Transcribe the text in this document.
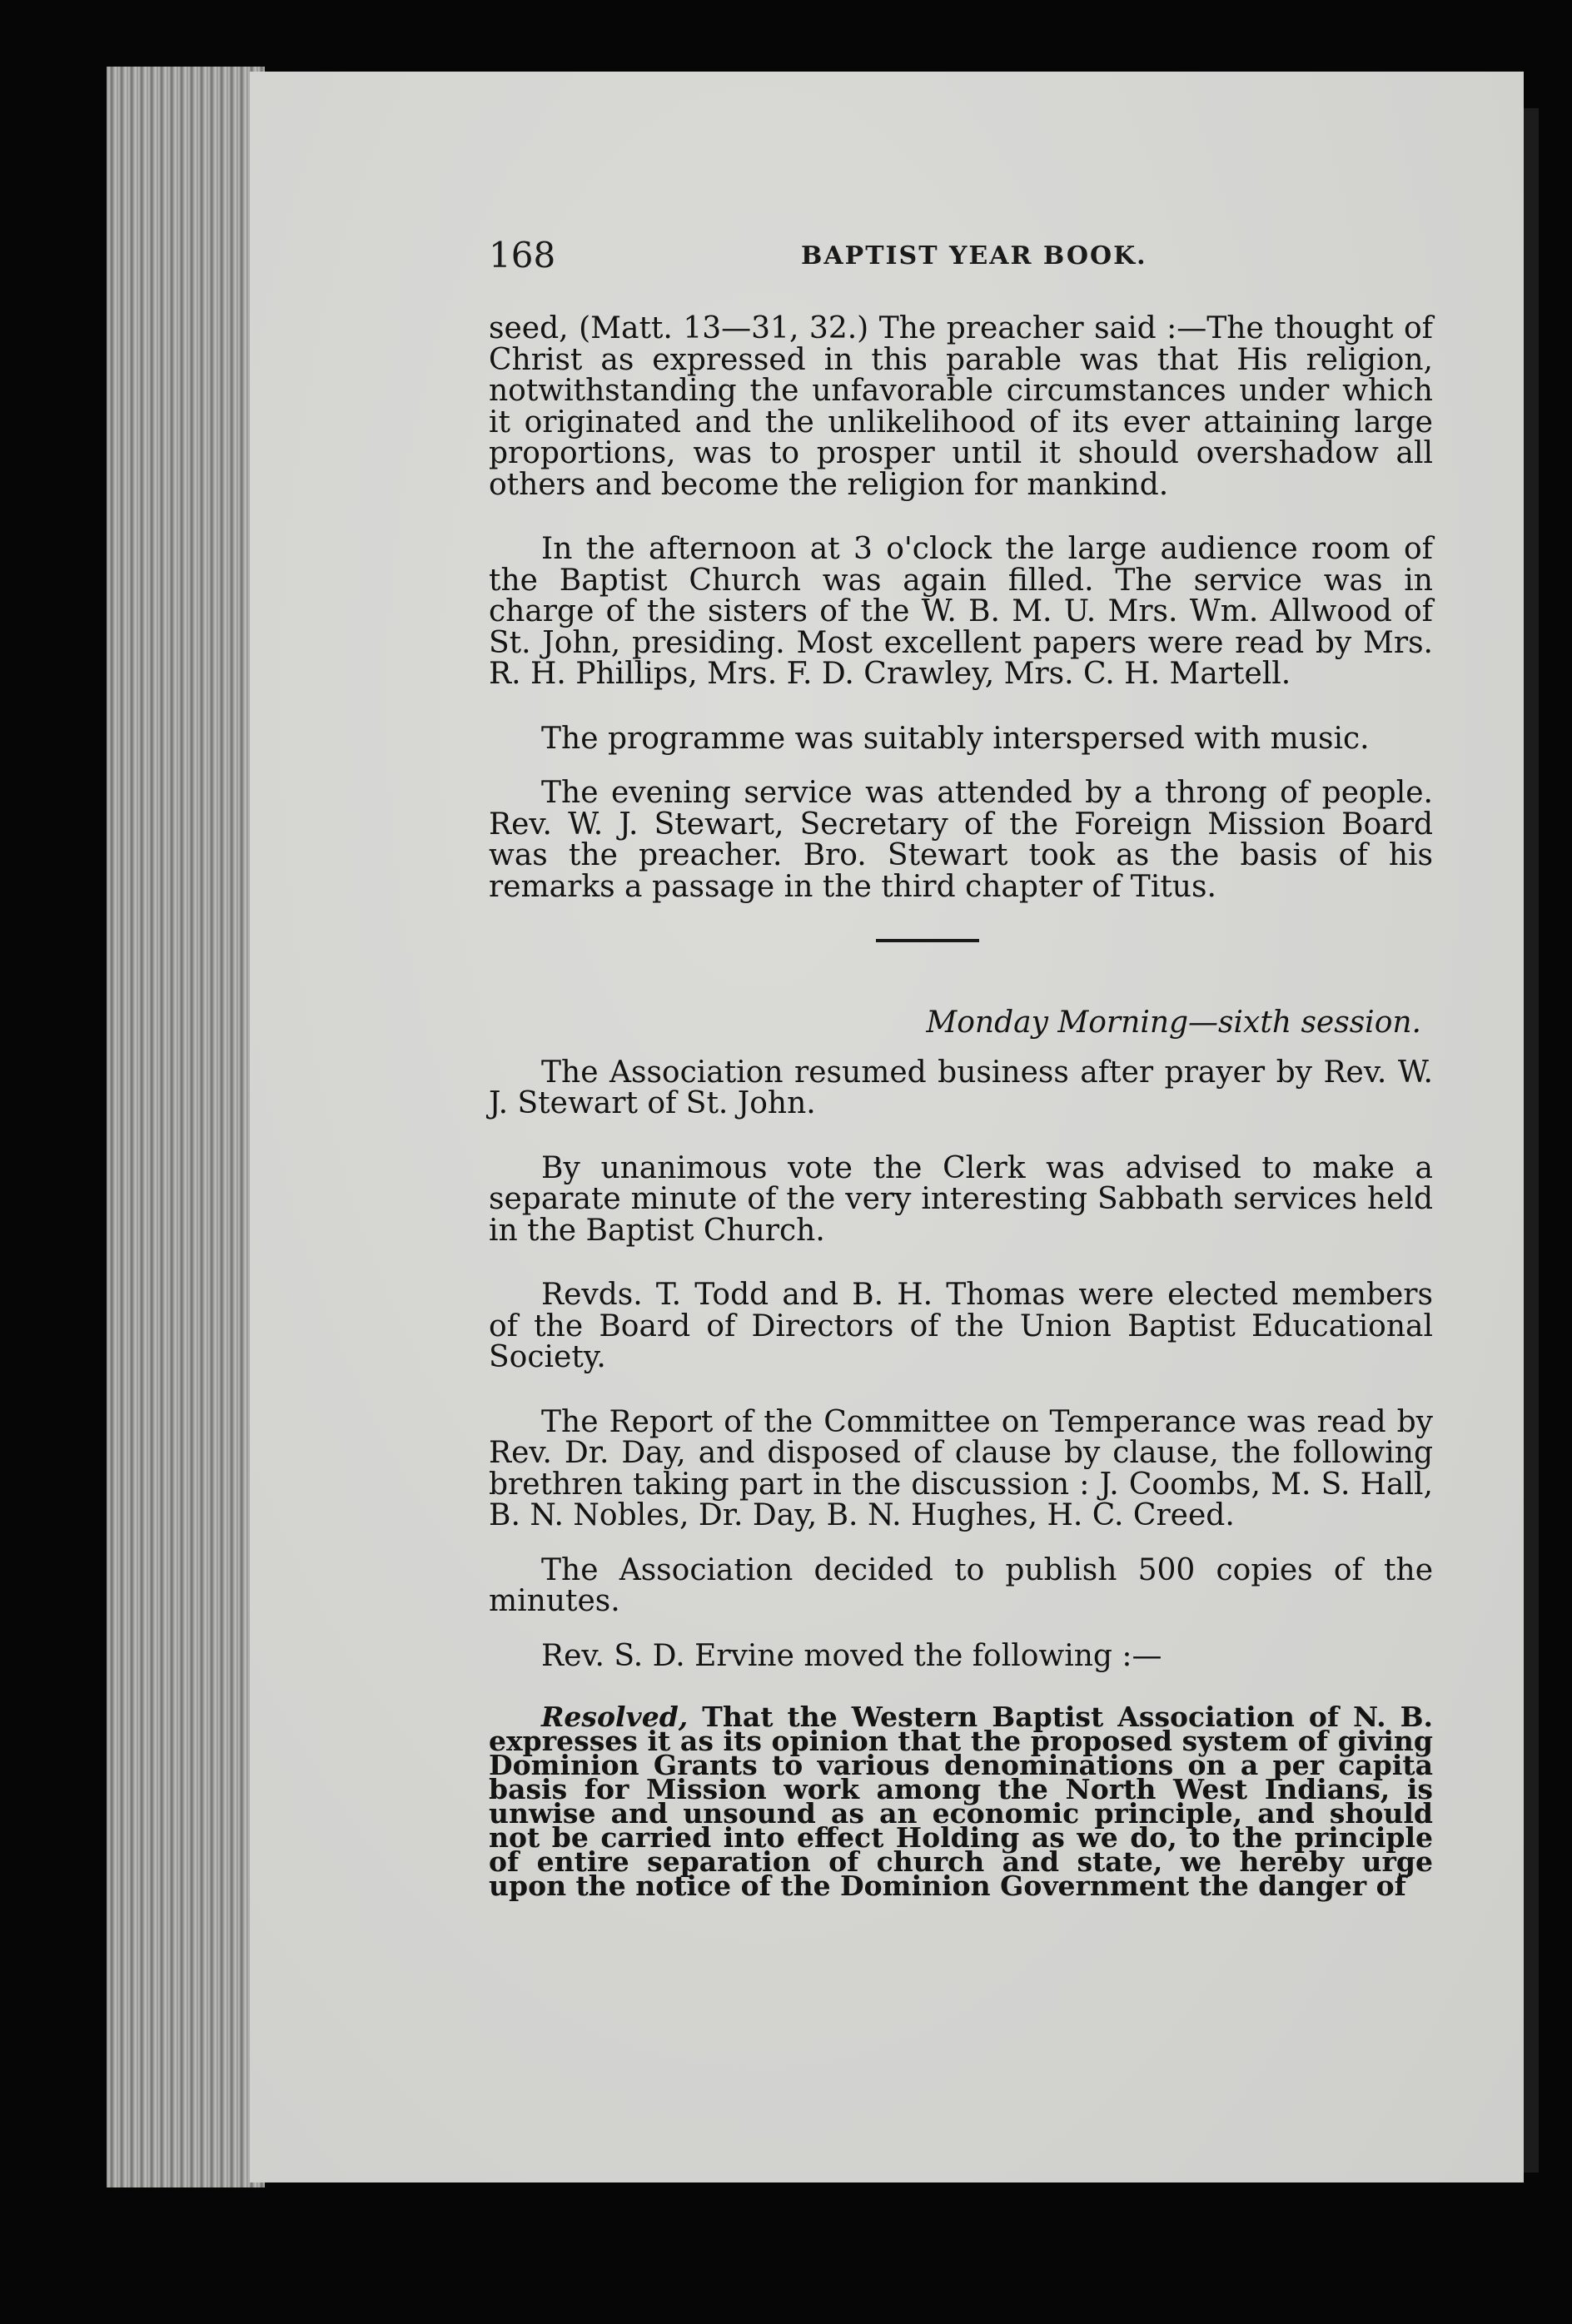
168	BAPTIST YEAR BOOK.

seed, (Matt. 13—31, 32.) The preacher said :—The thought of Christ as expressed in this parable was that His religion, notwithstanding the unfavorable circumstances under which it originated and the unlikelihood of its ever attaining large proportions, was to prosper until it should overshadow all others and become the religion for mankind.

In the afternoon at 3 o'clock the large audience room of the Baptist Church was again filled. The service was in charge of the sisters of the W. B. M. U. Mrs. Wm. Allwood of St. John, presiding. Most excellent papers were read by Mrs. R. H. Phillips, Mrs. F. D. Crawley, Mrs. C. H. Martell.

The programme was suitably interspersed with music.

The evening service was attended by a throng of people. Rev. W. J. Stewart, Secretary of the Foreign Mission Board was the preacher. Bro. Stewart took as the basis of his remarks a passage in the third chapter of Titus.

Monday Morning—sixth session.

The Association resumed business after prayer by Rev. W. J. Stewart of St. John.

By unanimous vote the Clerk was advised to make a separate minute of the very interesting Sabbath services held in the Baptist Church.

Revds. T. Todd and B. H. Thomas were elected members of the Board of Directors of the Union Baptist Educational Society.

The Report of the Committee on Temperance was read by Rev. Dr. Day, and disposed of clause by clause, the following brethren taking part in the discussion : J. Coombs, M. S. Hall, B. N. Nobles, Dr. Day, B. N. Hughes, H. C. Creed.

The Association decided to publish 500 copies of the minutes.

Rev. S. D. Ervine moved the following :—

Resolved, That the Western Baptist Association of N. B. expresses it as its opinion that the proposed system of giving Dominion Grants to various denominations on a per capita basis for Mission work among the North West Indians, is unwise and unsound as an economic principle, and should not be carried into effect Holding as we do, to the principle of entire separation of church and state, we hereby urge upon the notice of the Dominion Government the danger of
